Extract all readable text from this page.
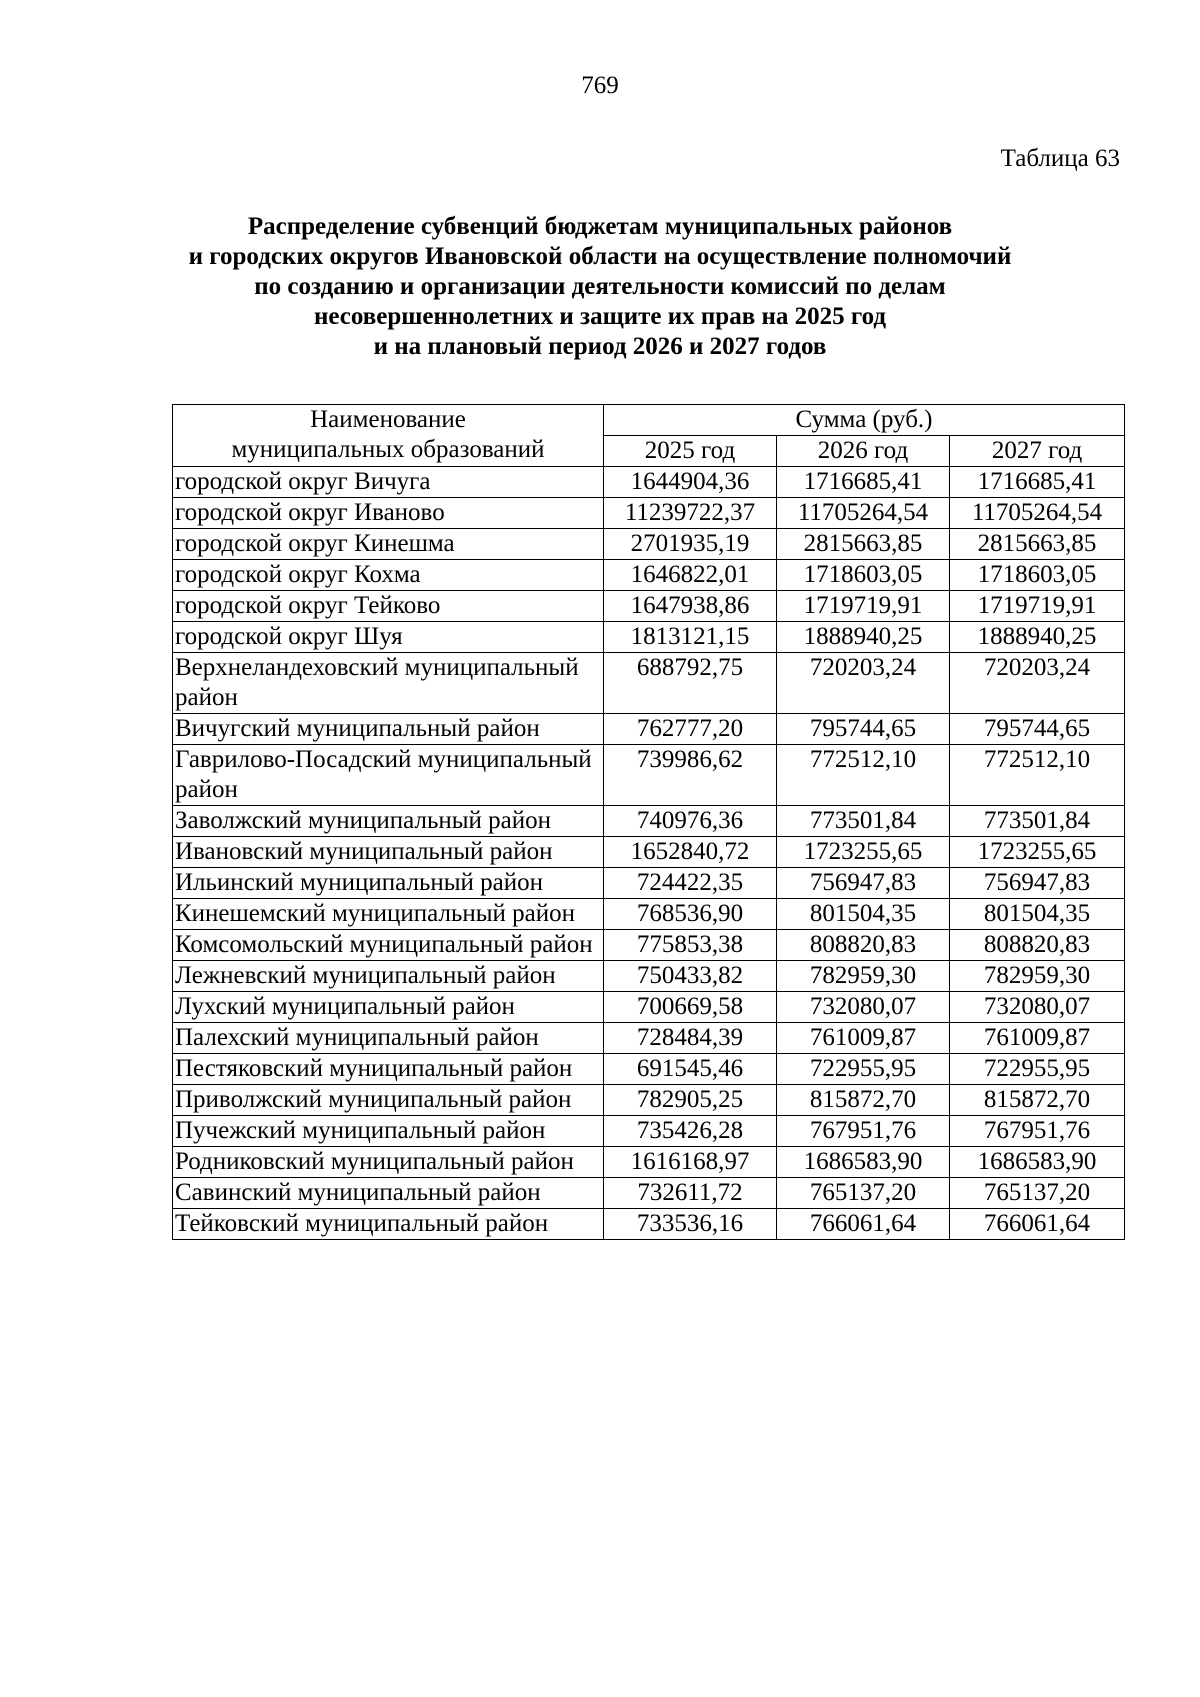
769
Таблица 63
Распределение субвенций бюджетам муниципальных районов
и городских округов Ивановской области на осуществление полномочий
по созданию и организации деятельности комиссий по делам
несовершеннолетних и защите их прав на 2025 год
и на плановый период 2026 и 2027 годов
Наименование
муниципальных образований	Сумма (руб.)		
	2025 год	2026 год	2027 год
городской округ Вичуга	1644904,36	1716685,41	1716685,41
городской округ Иваново	11239722,37	11705264,54	11705264,54
городской округ Кинешма	2701935,19	2815663,85	2815663,85
городской округ Кохма	1646822,01	1718603,05	1718603,05
городской округ Тейково	1647938,86	1719719,91	1719719,91
городской округ Шуя	1813121,15	1888940,25	1888940,25
Верхнеландеховский муниципальный район	688792,75	720203,24	720203,24
Вичугский муниципальный район	762777,20	795744,65	795744,65
Гаврилово-Посадский муниципальный район	739986,62	772512,10	772512,10
Заволжский муниципальный район	740976,36	773501,84	773501,84
Ивановский муниципальный район	1652840,72	1723255,65	1723255,65
Ильинский муниципальный район	724422,35	756947,83	756947,83
Кинешемский муниципальный район	768536,90	801504,35	801504,35
Комсомольский муниципальный район	775853,38	808820,83	808820,83
Лежневский муниципальный район	750433,82	782959,30	782959,30
Лухский муниципальный район	700669,58	732080,07	732080,07
Палехский муниципальный район	728484,39	761009,87	761009,87
Пестяковский муниципальный район	691545,46	722955,95	722955,95
Приволжский муниципальный район	782905,25	815872,70	815872,70
Пучежский муниципальный район	735426,28	767951,76	767951,76
Родниковский муниципальный район	1616168,97	1686583,90	1686583,90
Савинский муниципальный район	732611,72	765137,20	765137,20
Тейковский муниципальный район	733536,16	766061,64	766061,64
